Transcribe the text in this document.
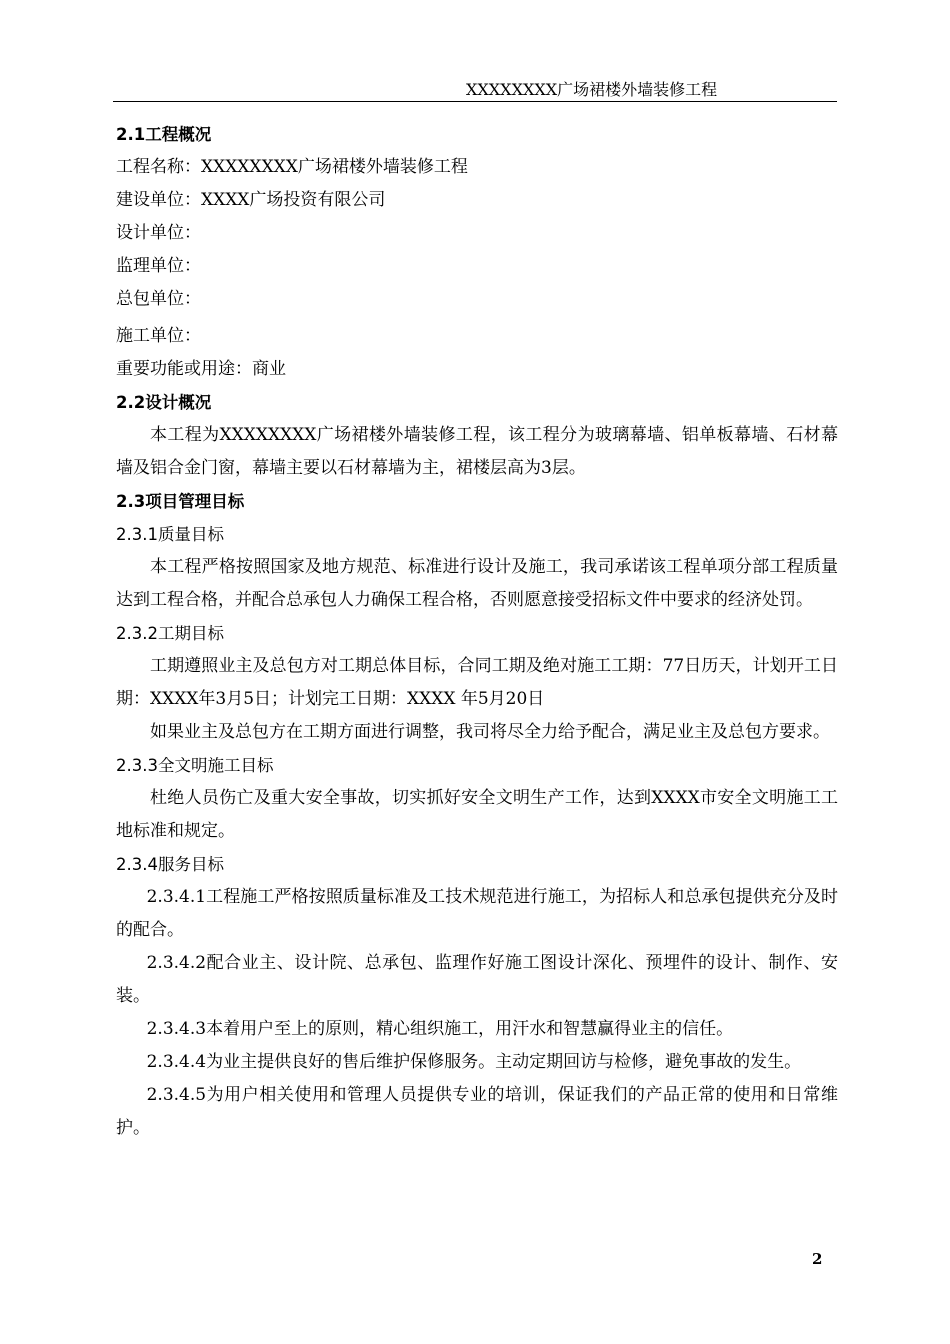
XXXXXXXX广场裙楼外墙装修工程
2.1工程概况
工程名称：XXXXXXXX广场裙楼外墙装修工程
建设单位：XXXX广场投资有限公司
设计单位：
监理单位：
总包单位：
施工单位：
重要功能或用途：商业
2.2设计概况
本工程为XXXXXXXX广场裙楼外墙装修工程，该工程分为玻璃幕墙、铝单板幕墙、石材幕墙及铝合金门窗，幕墙主要以石材幕墙为主，裙楼层高为3层。
2.3项目管理目标
2.3.1质量目标
本工程严格按照国家及地方规范、标准进行设计及施工，我司承诺该工程单项分部工程质量达到工程合格，并配合总承包人力确保工程合格，否则愿意接受招标文件中要求的经济处罚。
2.3.2工期目标
工期遵照业主及总包方对工期总体目标，合同工期及绝对施工工期：77日历天，计划开工日期：XXXX年3月5日；计划完工日期：XXXX 年5月20日
如果业主及总包方在工期方面进行调整，我司将尽全力给予配合，满足业主及总包方要求。
2.3.3全文明施工目标
杜绝人员伤亡及重大安全事故，切实抓好安全文明生产工作，达到XXXX市安全文明施工工地标准和规定。
2.3.4服务目标
2.3.4.1工程施工严格按照质量标准及工技术规范进行施工，为招标人和总承包提供充分及时的配合。
2.3.4.2配合业主、设计院、总承包、监理作好施工图设计深化、预埋件的设计、制作、安装。
2.3.4.3本着用户至上的原则，精心组织施工，用汗水和智慧赢得业主的信任。
2.3.4.4为业主提供良好的售后维护保修服务。主动定期回访与检修，避免事故的发生。
2.3.4.5为用户相关使用和管理人员提供专业的培训，保证我们的产品正常的使用和日常维护。
2
